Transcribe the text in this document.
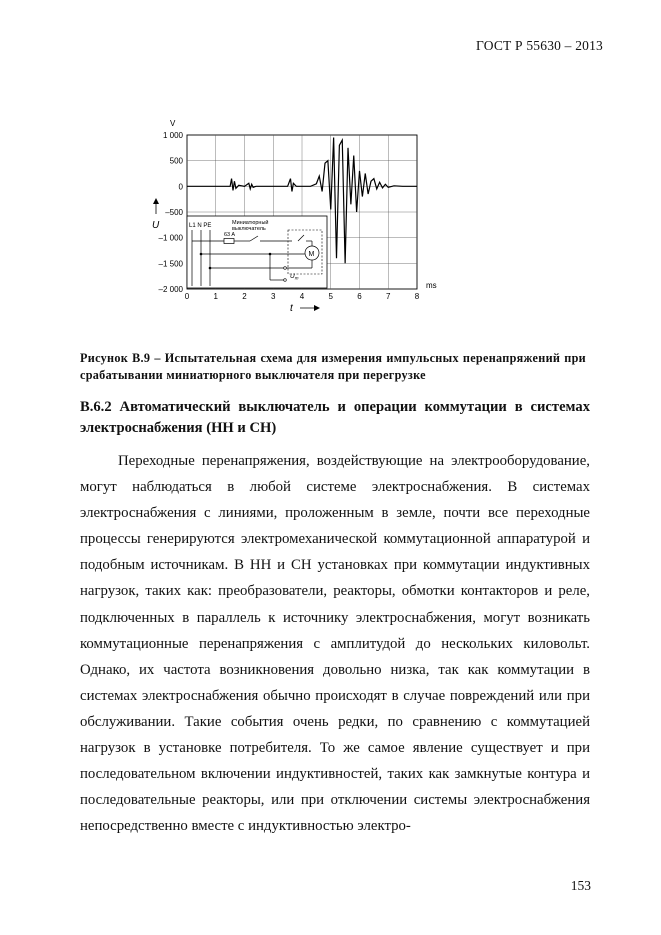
ГОСТ Р 55630 – 2013
1 000
500
0
–500
–1 000
–1 500
–2 000
0	1	2	3	4	5	6	7	8
V
ms
U
t
L1 N PE	Миниатюрный
выключатель
63 A
M
$U_m$
Рисунок В.9 – Испытательная схема для измерения импульсных перенапряжений при срабатывании миниатюрного выключателя при перегрузке
В.6.2 Автоматический выключатель и операции коммутации в системах электроснабжения (НН и СН)

Переходные перенапряжения, воздействующие на электрооборудование, могут наблюдаться в любой системе электроснабжения. В системах электроснабжения с линиями, проложенным в земле, почти все переходные процессы генерируются электромеханической коммутационной аппаратурой и подобным источникам. В НН и СН установках при коммутации индуктивных нагрузок, таких как: преобразователи, реакторы, обмотки контакторов и реле, подключенных в параллель к источнику электроснабжения, могут возникать коммутационные перенапряжения с амплитудой до нескольких киловольт. Однако, их частота возникновения довольно низка, так как коммутации в системах электроснабжения обычно происходят в случае повреждений или при обслуживании. Такие события очень редки, по сравнению с коммутацией нагрузок в установке потребителя. То же самое явление существует и при последовательном включении индуктивностей, таких как замкнутые контура и последовательные реакторы, или при отключении системы электроснабжения непосредственно вместе с индуктивностью электро-

153
